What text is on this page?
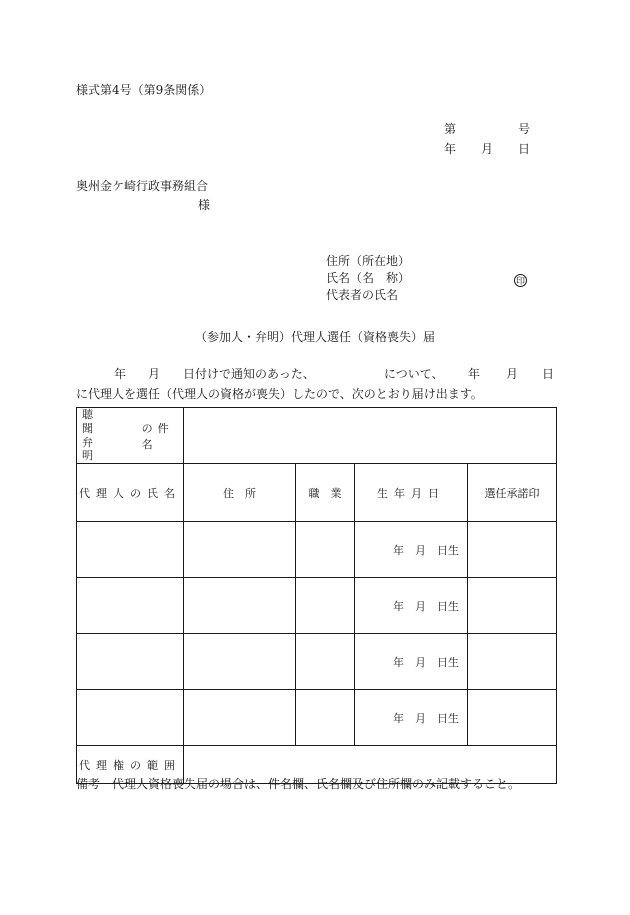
様式第4号（第9条関係）
第	号
年 月 日
奥州金ケ崎行政事務組合
様
住所（所在地）
氏名（名　称）
代表者の氏名
印
（参加人・弁明）代理人選任（資格喪失）届
年 月 日付けで通知のあった、	について、 年 月 日
に代理人を選任（代理人の資格が喪失）したので、次のとおり届け出ます。
聴　聞
弁　明
の件名				

代理人の氏名	住　所	職　業	生年月日	選任承諾印
			年　月　日生	
			年　月　日生	
			年　月　日生	
			年　月　日生	
代理権の範囲				
備考　代理人資格喪失届の場合は、件名欄、氏名欄及び住所欄のみ記載すること。
